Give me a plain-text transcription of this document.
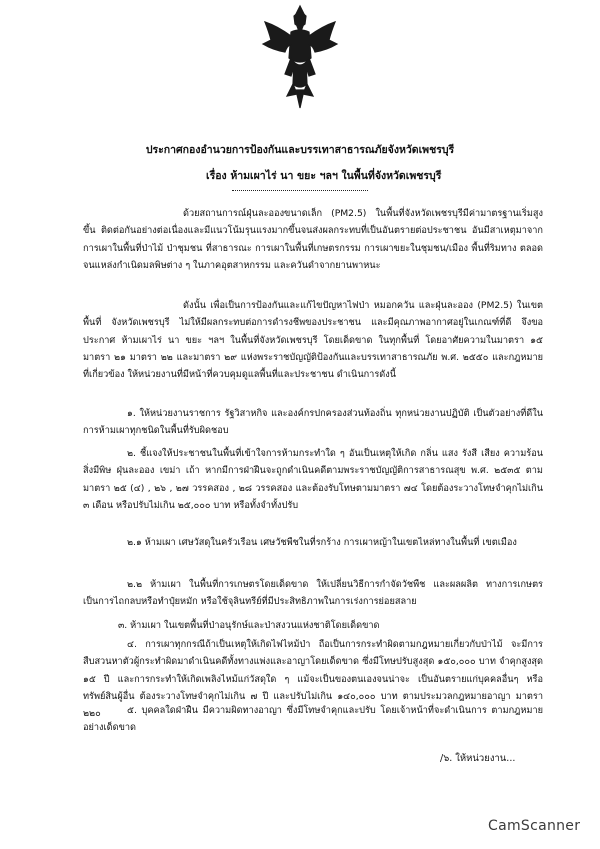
ประกาศกองอำนวยการป้องกันและบรรเทาสาธารณภัยจังหวัดเพชรบุรี
เรื่อง ห้ามเผาไร่ นา ขยะ ฯลฯ ในพื้นที่จังหวัดเพชรบุรี

ด้วยสถานการณ์ฝุ่นละอองขนาดเล็ก (PM2.5) ในพื้นที่จังหวัดเพชรบุรีมีค่ามาตรฐานเริ่มสูงขึ้น ติดต่อกันอย่างต่อเนื่องและมีแนวโน้มรุนแรงมากขึ้นจนส่งผลกระทบที่เป็นอันตรายต่อประชาชน อันมีสาเหตุมาจาก การเผาในพื้นที่ป่าไม้ ป่าชุมชน ที่สาธารณะ การเผาในพื้นที่เกษตรกรรม การเผาขยะในชุมชน/เมือง พื้นที่ริมทาง ตลอดจนแหล่งกำเนิดมลพิษต่าง ๆ ในภาคอุตสาหกรรม และควันดำจากยานพาหนะ

ดังนั้น เพื่อเป็นการป้องกันและแก้ไขปัญหาไฟป่า หมอกควัน และฝุ่นละออง (PM2.5) ในเขตพื้นที่ จังหวัดเพชรบุรี ไม่ให้มีผลกระทบต่อการดำรงชีพของประชาชน และมีคุณภาพอากาศอยู่ในเกณฑ์ที่ดี จึงขอประกาศ ห้ามเผาไร่ นา ขยะ ฯลฯ ในพื้นที่จังหวัดเพชรบุรี โดยเด็ดขาด ในทุกพื้นที่ โดยอาศัยความในมาตรา ๑๕ มาตรา ๒๑ มาตรา ๒๒ และมาตรา ๒๙ แห่งพระราชบัญญัติป้องกันและบรรเทาสาธารณภัย พ.ศ. ๒๕๕๐ และกฎหมาย ที่เกี่ยวข้อง ให้หน่วยงานที่มีหน้าที่ควบคุมดูแลพื้นที่และประชาชน ดำเนินการดังนี้

๑. ให้หน่วยงานราชการ รัฐวิสาหกิจ และองค์กรปกครองส่วนท้องถิ่น ทุกหน่วยงานปฏิบัติ เป็นตัวอย่างที่ดีในการห้ามเผาทุกชนิดในพื้นที่รับผิดชอบ

๒. ชี้แจงให้ประชาชนในพื้นที่เข้าใจการห้ามกระทำใด ๆ อันเป็นเหตุให้เกิด กลิ่น แสง รังสี เสียง ความร้อน สิ่งมีพิษ ฝุ่นละออง เขม่า เถ้า หากมีการฝ่าฝืนจะถูกดำเนินคดีตามพระราชบัญญัติการสาธารณสุข พ.ศ. ๒๕๓๕ ตามมาตรา ๒๕ (๔) , ๒๖ , ๒๗ วรรคสอง , ๒๘ วรรคสอง และต้องรับโทษตามมาตรา ๗๔ โดยต้องระวางโทษจำคุกไม่เกิน ๓ เดือน หรือปรับไม่เกิน ๒๕,๐๐๐ บาท หรือทั้งจำทั้งปรับ

๒.๑ ห้ามเผา เศษวัสดุในครัวเรือน เศษวัชพืชในที่รกร้าง การเผาหญ้าในเขตไหล่ทางในพื้นที่ เขตเมือง

๒.๒ ห้ามเผา ในพื้นที่การเกษตรโดยเด็ดขาด ให้เปลี่ยนวิธีการกำจัดวัชพืช และผลผลิต ทางการเกษตรเป็นการไถกลบหรือทำปุ๋ยหมัก หรือใช้จุลินทรีย์ที่มีประสิทธิภาพในการเร่งการย่อยสลาย

๓. ห้ามเผา ในเขตพื้นที่ป่าอนุรักษ์และป่าสงวนแห่งชาติโดยเด็ดขาด

๔. การเผาทุกกรณีถ้าเป็นเหตุให้เกิดไฟไหม้ป่า ถือเป็นการกระทำผิดตามกฎหมายเกี่ยวกับป่าไม้ จะมีการสืบสวนหาตัวผู้กระทำผิดมาดำเนินคดีทั้งทางแพ่งและอาญาโดยเด็ดขาด ซึ่งมีโทษปรับสูงสุด ๑๕๐,๐๐๐ บาท จำคุกสูงสุด ๑๕ ปี และการกระทำให้เกิดเพลิงไหม้แก่วัสดุใด ๆ แม้จะเป็นของตนเองจนน่าจะ เป็นอันตรายแก่บุคคลอื่นๆ หรือทรัพย์สินผู้อื่น ต้องระวางโทษจำคุกไม่เกิน ๗ ปี และปรับไม่เกิน ๑๔๐,๐๐๐ บาท ตามประมวลกฎหมายอาญา มาตรา ๒๒๐	๕. บุคคลใดฝ่าฝืน มีความผิดทางอาญา ซึ่งมีโทษจำคุกและปรับ โดยเจ้าหน้าที่จะดำเนินการ ตามกฎหมายอย่างเด็ดขาด

/๖. ให้หน่วยงาน...
CamScanner
